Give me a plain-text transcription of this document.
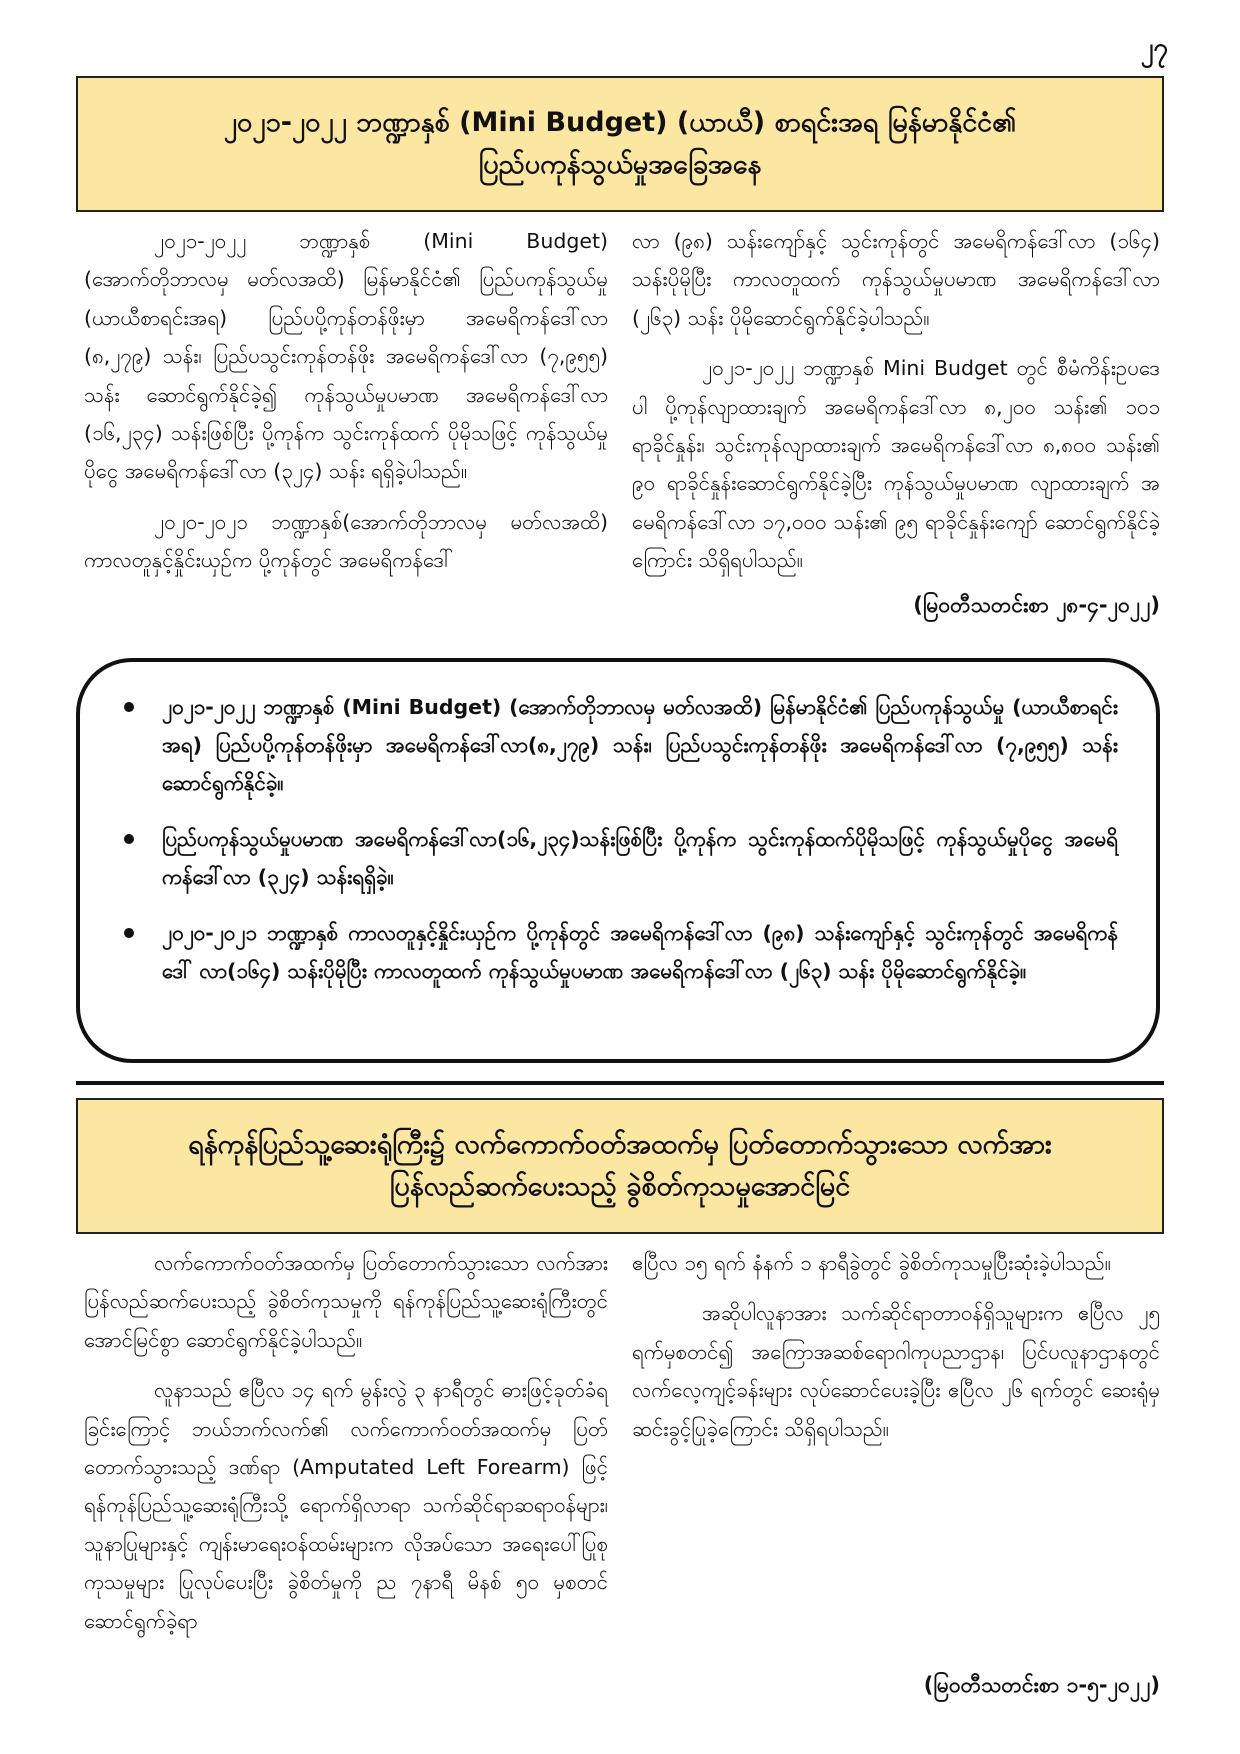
၂၇
၂၀၂၁-၂၀၂၂ ဘဏ္ဍာနှစ် (Mini Budget) (ယာယီ) စာရင်းအရ မြန်မာနိုင်ငံ၏
ပြည်ပကုန်သွယ်မှုအခြေအနေ

၂၀၂၁-၂၀၂၂ ဘဏ္ဍာနှစ် (Mini Budget) (အောက်တိုဘာလမှ မတ်လအထိ) မြန်မာနိုင်ငံ၏ ပြည်ပကုန်သွယ်မှု (ယာယီစာရင်းအရ) ပြည်ပပို့ကုန်တန်ဖိုးမှာ အမေရိကန်ဒေါ်လာ (၈,၂၇၉) သန်း၊ ပြည်ပသွင်းကုန်တန်ဖိုး အမေရိကန်ဒေါ်လာ (၇,၉၅၅) သန်း ဆောင်ရွက်နိုင်ခဲ့၍ ကုန်သွယ်မှုပမာဏ အမေရိကန်ဒေါ်လာ (၁၆,၂၃၄) သန်းဖြစ်ပြီး ပို့ကုန်က သွင်းကုန်ထက် ပိုမိုသဖြင့် ကုန်သွယ်မှုပိုငွေ အမေရိကန်ဒေါ်လာ (၃၂၄) သန်း ရရှိခဲ့ပါသည်။

၂၀၂၀-၂၀၂၁ ဘဏ္ဍာနှစ်(အောက်တိုဘာလမှ မတ်လအထိ) ကာလတူနှင့်နှိုင်းယှဉ်က ပို့ကုန်တွင် အမေရိကန်ဒေါ်

လာ (၉၈) သန်းကျော်နှင့် သွင်းကုန်တွင် အမေရိကန်ဒေါ်လာ (၁၆၄) သန်းပိုမိုပြီး ကာလတူထက် ကုန်သွယ်မှုပမာဏ အမေရိကန်ဒေါ်လာ (၂၆၃) သန်း ပိုမိုဆောင်ရွက်နိုင်ခဲ့ပါသည်။

၂၀၂၁-၂၀၂၂ ဘဏ္ဍာနှစ် Mini Budget တွင် စီမံကိန်းဥပဒေပါ ပို့ကုန်လျာထားချက် အမေရိကန်ဒေါ်လာ ၈,၂၀၀ သန်း၏ ၁၀၁ ရာခိုင်နှုန်း၊ သွင်းကုန်လျာထားချက် အမေရိကန်ဒေါ်လာ ၈,၈၀၀ သန်း၏ ၉၀ ရာခိုင်နှုန်းဆောင်ရွက်နိုင်ခဲ့ပြီး ကုန်သွယ်မှုပမာဏ လျာထားချက် အမေရိကန်ဒေါ်လာ ၁၇,၀၀၀ သန်း၏ ၉၅ ရာခိုင်နှုန်းကျော် ဆောင်ရွက်နိုင်ခဲ့ကြောင်း သိရှိရပါသည်။

(မြဝတီသတင်းစာ ၂၈-၄-၂၀၂၂)
၂၀၂၁-၂၀၂၂ ဘဏ္ဍာနှစ် (Mini Budget) (အောက်တိုဘာလမှ မတ်လအထိ) မြန်မာနိုင်ငံ၏ ပြည်ပကုန်သွယ်မှု (ယာယီစာရင်းအရ) ပြည်ပပို့ကုန်တန်ဖိုးမှာ အမေရိကန်ဒေါ်လာ(၈,၂၇၉) သန်း၊ ပြည်ပသွင်းကုန်တန်ဖိုး အမေရိကန်ဒေါ်လာ (၇,၉၅၅) သန်း ဆောင်ရွက်နိုင်ခဲ့။
ပြည်ပကုန်သွယ်မှုပမာဏ အမေရိကန်ဒေါ်လာ(၁၆,၂၃၄)သန်းဖြစ်ပြီး ပို့ကုန်က သွင်းကုန်ထက်ပိုမိုသဖြင့် ကုန်သွယ်မှုပိုငွေ အမေရိကန်ဒေါ်လာ (၃၂၄) သန်းရရှိခဲ့။
၂၀၂၀-၂၀၂၁ ဘဏ္ဍာနှစ် ကာလတူနှင့်နှိုင်းယှဉ်က ပို့ကုန်တွင် အမေရိကန်ဒေါ်လာ (၉၈) သန်းကျော်နှင့် သွင်းကုန်တွင် အမေရိကန်ဒေါ် လာ(၁၆၄) သန်းပိုမိုပြီး ကာလတူထက် ကုန်သွယ်မှုပမာဏ အမေရိကန်ဒေါ်လာ (၂၆၃) သန်း ပိုမိုဆောင်ရွက်နိုင်ခဲ့။
ရန်ကုန်ပြည်သူ့ဆေးရုံကြီး၌ လက်ကောက်ဝတ်အထက်မှ ပြတ်တောက်သွားသော လက်အား
ပြန်လည်ဆက်ပေးသည့် ခွဲစိတ်ကုသမှုအောင်မြင်

လက်ကောက်ဝတ်အထက်မှ ပြတ်တောက်သွားသော လက်အား ပြန်လည်ဆက်ပေးသည့် ခွဲစိတ်ကုသမှုကို ရန်ကုန်ပြည်သူ့ဆေးရုံကြီးတွင် အောင်မြင်စွာ ဆောင်ရွက်နိုင်ခဲ့ပါသည်။

လူနာသည် ဧပြီလ ၁၄ ရက် မွန်းလွဲ ၃ နာရီတွင် ဓားဖြင့်ခုတ်ခံရခြင်းကြောင့် ဘယ်ဘက်လက်၏ လက်ကောက်ဝတ်အထက်မှ ပြတ်တောက်သွားသည့် ဒဏ်ရာ (Amputated Left Forearm) ဖြင့် ရန်ကုန်ပြည်သူ့ဆေးရုံကြီးသို့ ရောက်ရှိလာရာ သက်ဆိုင်ရာဆရာဝန်များ၊ သူနာပြုများနှင့် ကျန်းမာရေးဝန်ထမ်းများက လိုအပ်သော အရေးပေါ်ပြုစုကုသမှုများ ပြုလုပ်ပေးပြီး ခွဲစိတ်မှုကို ည ၇နာရီ မိနစ် ၅၀ မှစတင် ဆောင်ရွက်ခဲ့ရာ

ဧပြီလ ၁၅ ရက် နံနက် ၁ နာရီခွဲတွင် ခွဲစိတ်ကုသမှုပြီးဆုံးခဲ့ပါသည်။

အဆိုပါလူနာအား သက်ဆိုင်ရာတာဝန်ရှိသူများက ဧပြီလ ၂၅ ရက်မှစတင်၍ အကြောအဆစ်ရောဂါကုပညာဌာန၊ ပြင်ပလူနာဌာနတွင် လက်လေ့ကျင့်ခန်းများ လုပ်ဆောင်ပေးခဲ့ပြီး ဧပြီလ ၂၆ ရက်တွင် ဆေးရုံမှ ဆင်းခွင့်ပြုခဲ့ကြောင်း သိရှိရပါသည်။

(မြဝတီသတင်းစာ ၁-၅-၂၀၂၂)
